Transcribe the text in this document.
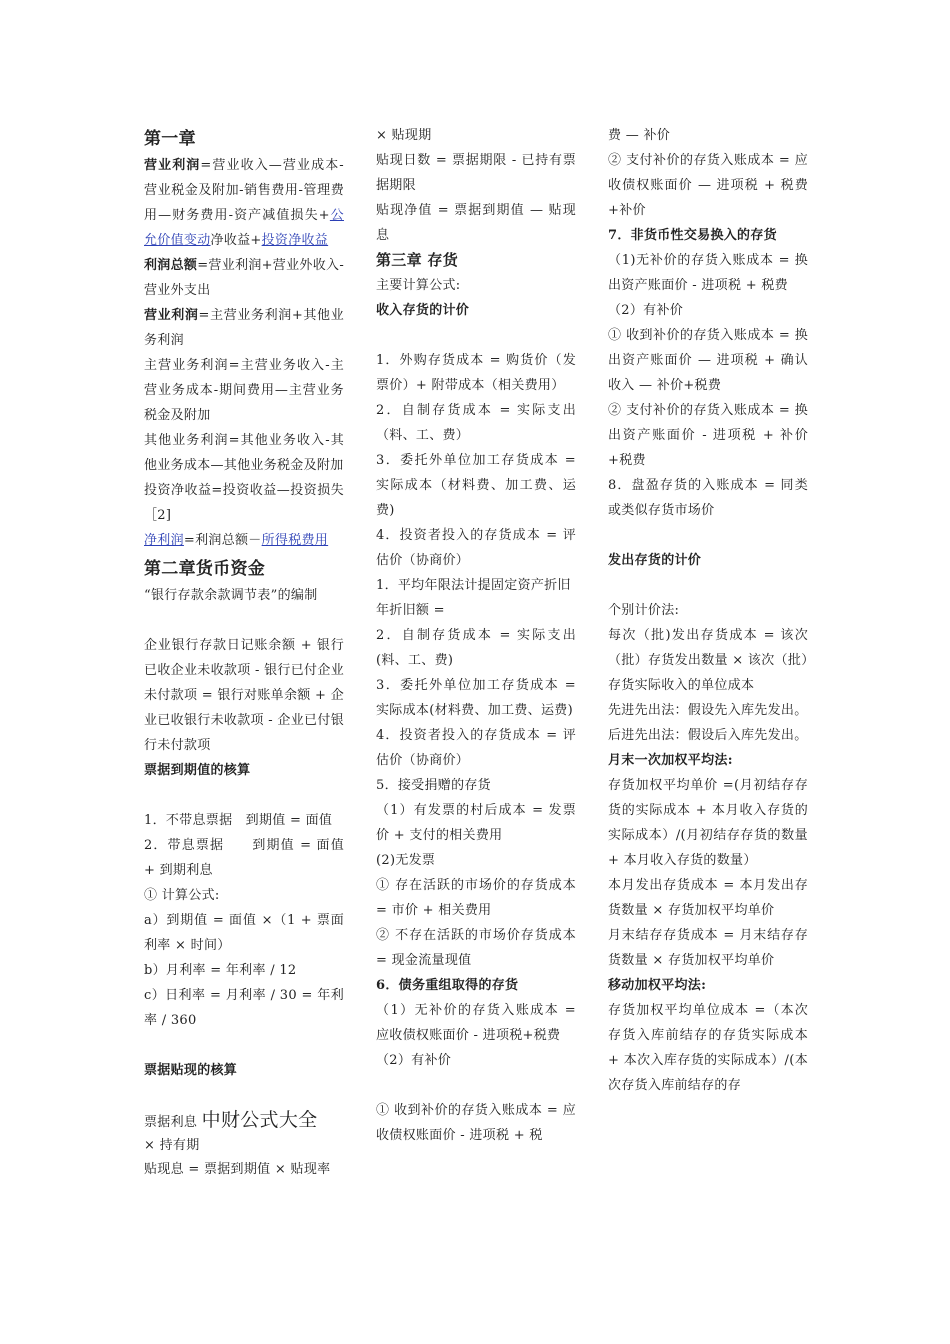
第一章

营业利润=营业收入—营业成本-营业税金及附加-销售费用-管理费用—财务费用-资产减值损失+公允价值变动净收益+投资净收益

利润总额=营业利润+营业外收入-营业外支出

营业利润=主营业务利润+其他业务利润

主营业务利润=主营业务收入-主营业务成本-期间费用—主营业务税金及附加

其他业务利润=其他业务收入-其他业务成本—其他业务税金及附加

投资净收益=投资收益—投资损失［2]

净利润=利润总额－所得税费用

第二章货币资金

“银行存款余款调节表”的编制

企业银行存款日记账余额 + 银行已收企业未收款项 - 银行已付企业未付款项 = 银行对账单余额 + 企业已收银行未收款项 - 企业已付银行未付款项

票据到期值的核算

1．不带息票据　到期值 = 面值

2．带息票据　　到期值 = 面值 + 到期利息

① 计算公式:

a）到期值 = 面值 ×（1 + 票面利率 × 时间）

b）月利率 = 年利率 / 12

c）日利率 = 月利率 / 30 = 年利率 / 360

票据贴现的核算

票据利息 中财公式大全

× 持有期

贴现息 = 票据到期值 × 贴现率

× 贴现期

贴现日数 = 票据期限 - 已持有票据期限

贴现净值 = 票据到期值 — 贴现息

第三章 存货

主要计算公式:

收入存货的计价

1．外购存货成本 = 购货价（发票价）+ 附带成本（相关费用）

2．自制存货成本 = 实际支出（料、工、费）

3．委托外单位加工存货成本 = 实际成本（材料费、加工费、运费)

4．投资者投入的存货成本 = 评估价（协商价）

1．平均年限法计提固定资产折旧

年折旧额 =

2．自制存货成本 = 实际支出(料、工、费)

3．委托外单位加工存货成本 = 实际成本(材料费、加工费、运费)

4．投资者投入的存货成本 = 评估价（协商价）

5．接受捐赠的存货

（1）有发票的村后成本 = 发票价 + 支付的相关费用

(2)无发票

① 存在活跃的市场价的存货成本 = 市价 + 相关费用

② 不存在活跃的市场价存货成本 = 现金流量现值

6．债务重组取得的存货

（1）无补价的存货入账成本 = 应收债权账面价 - 进项税+税费

（2）有补价

① 收到补价的存货入账成本 = 应收债权账面价 - 进项税 + 税

费 — 补价

② 支付补价的存货入账成本 = 应收债权账面价 — 进项税 + 税费+补价

7．非货币性交易换入的存货

（1)无补价的存货入账成本 = 换出资产账面价 - 进项税 + 税费

（2）有补价

① 收到补价的存货入账成本 = 换出资产账面价 — 进项税 + 确认收入 — 补价+税费

② 支付补价的存货入账成本 = 换出资产账面价 - 进项税 + 补价+税费

8．盘盈存货的入账成本 = 同类或类似存货市场价

发出存货的计价

个别计价法:

每次（批)发出存货成本 = 该次（批）存货发出数量 × 该次（批）存货实际收入的单位成本

先进先出法：假设先入库先发出。

后进先出法：假设后入库先发出。

月末一次加权平均法:

存货加权平均单价 =(月初结存存货的实际成本 + 本月收入存货的实际成本）/(月初结存存货的数量 + 本月收入存货的数量）

本月发出存货成本 = 本月发出存货数量 × 存货加权平均单价

月末结存存货成本 = 月末结存存货数量 × 存货加权平均单价

移动加权平均法:

存货加权平均单位成本 =（本次存货入库前结存的存货实际成本 + 本次入库存货的实际成本）/(本次存货入库前结存的存
